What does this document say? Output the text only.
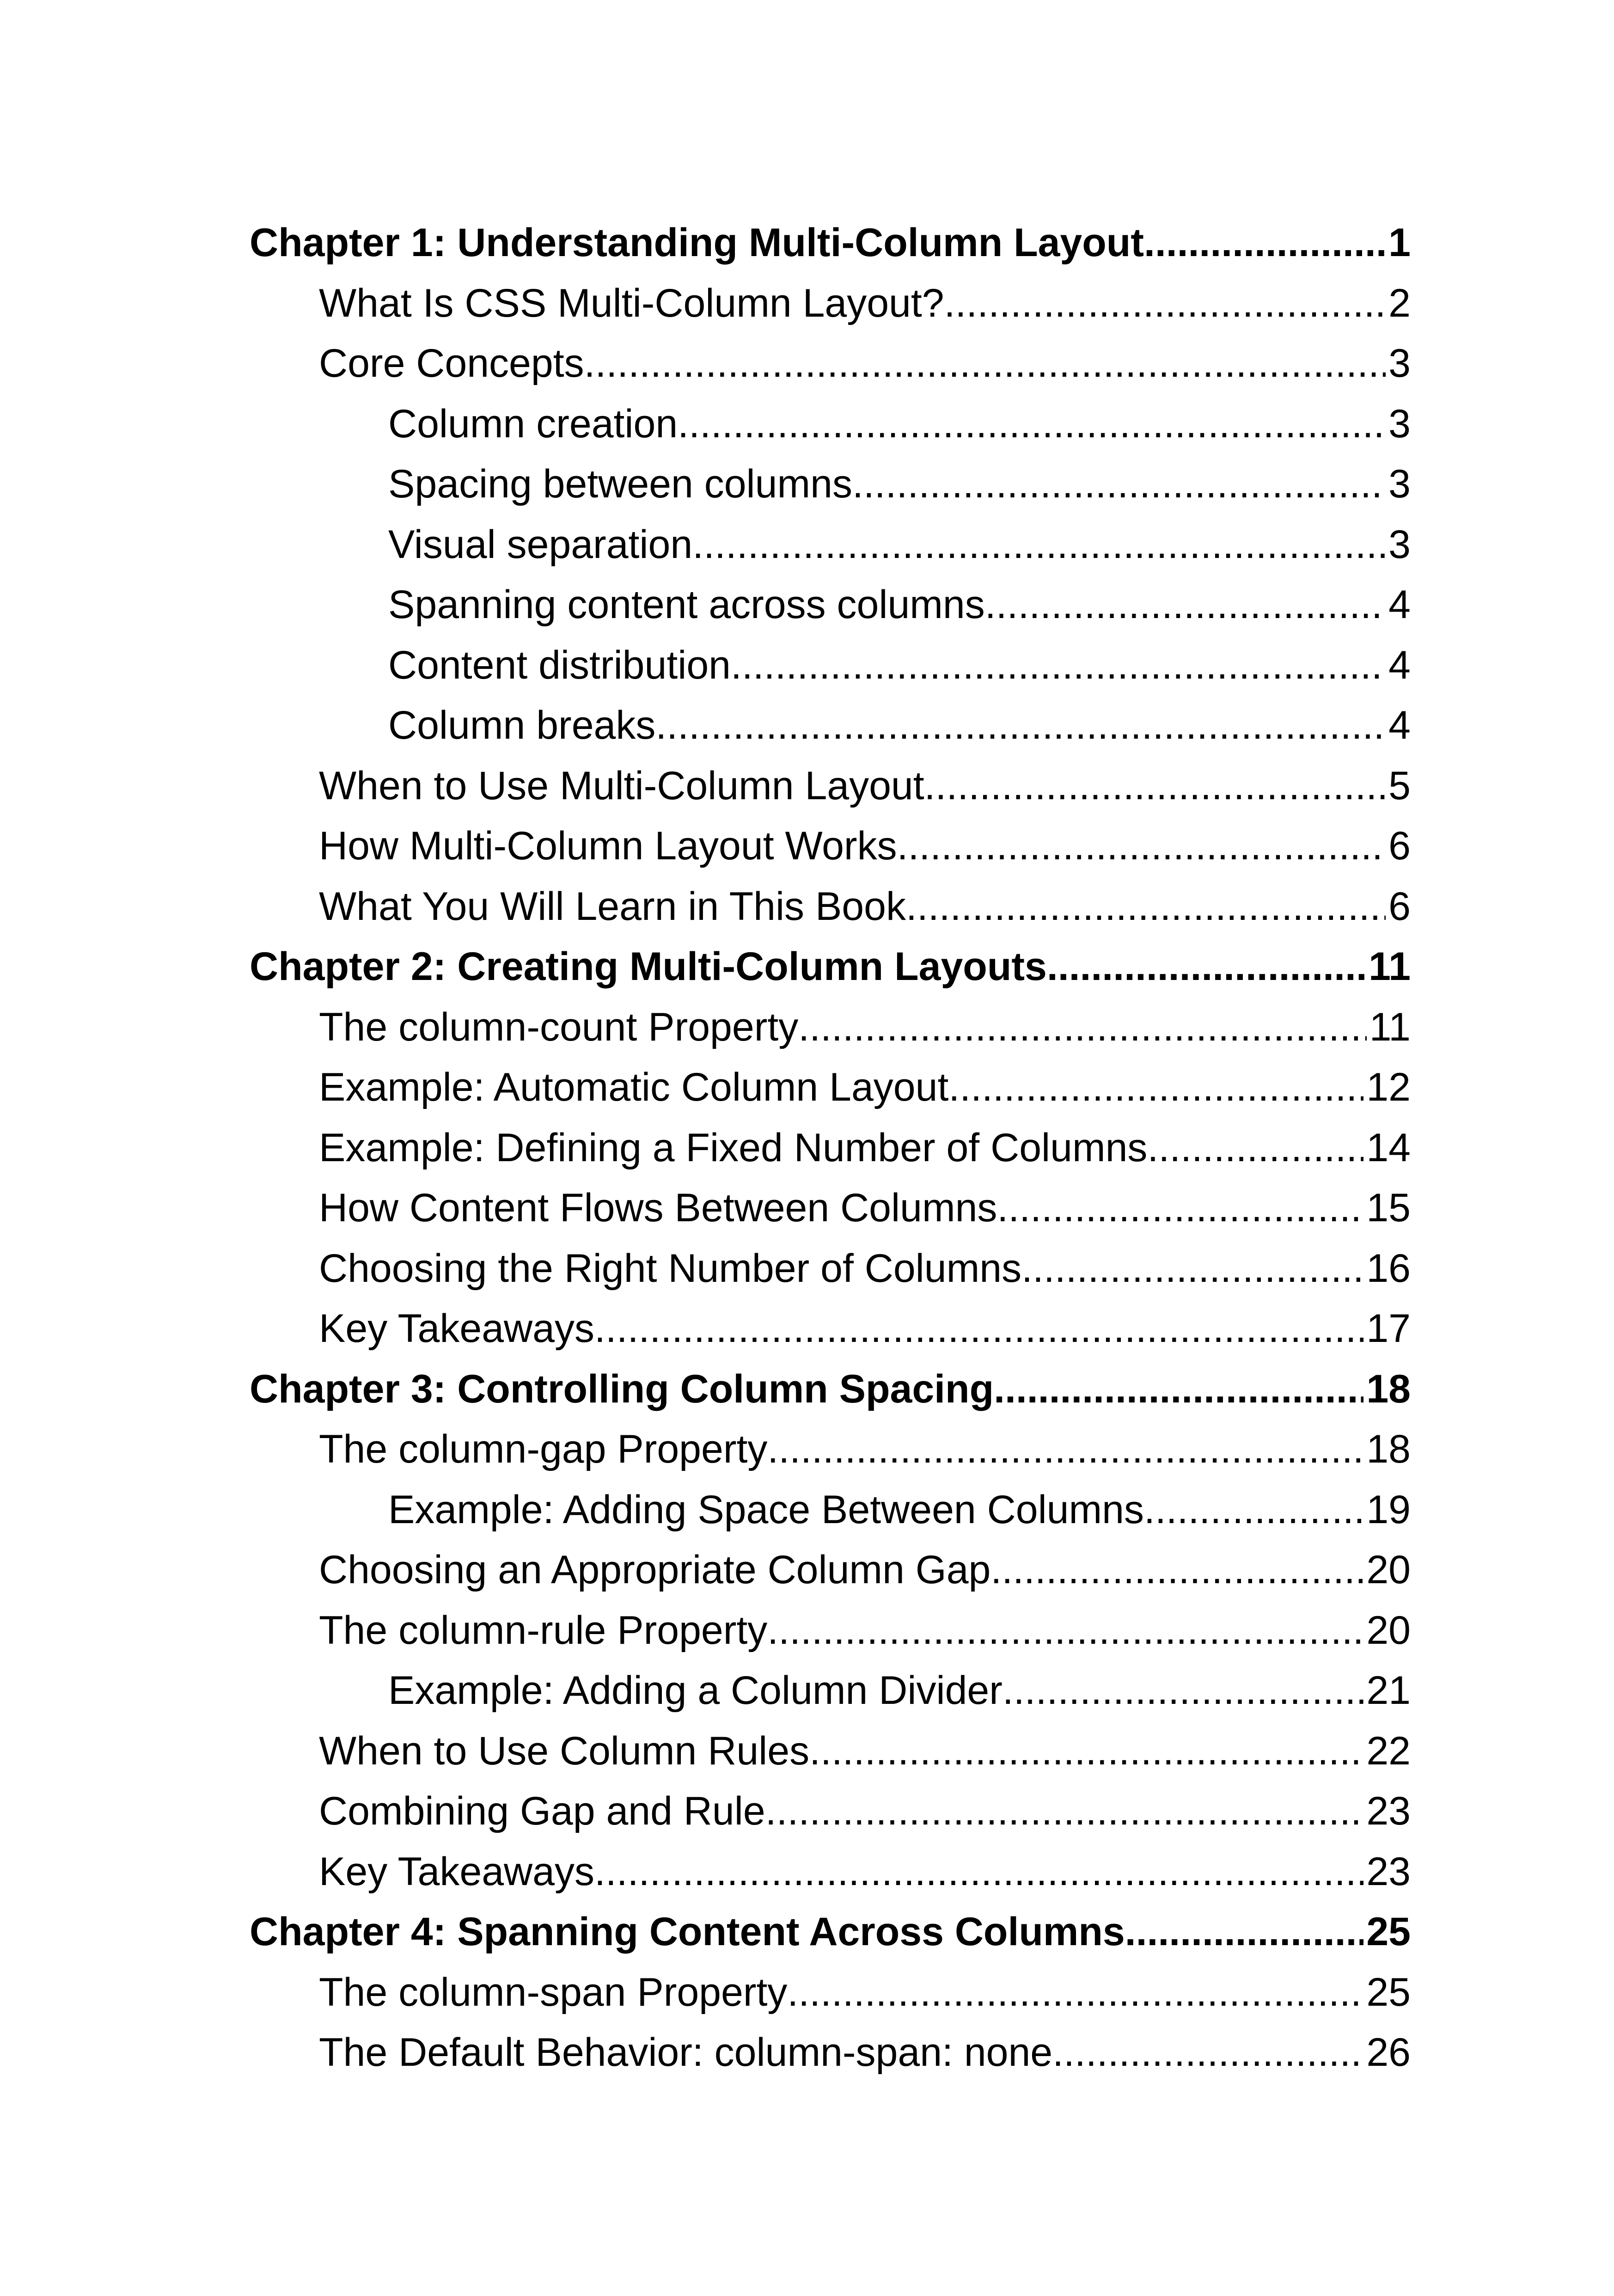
Chapter 1: Understanding Multi-Column Layout .....	1
What Is CSS Multi-Column Layout? .....	2
Core Concepts .....	3
Column creation .....	3
Spacing between columns .....	3
Visual separation .....	3
Spanning content across columns .....	4
Content distribution .....	4
Column breaks .....	4
When to Use Multi-Column Layout .....	5
How Multi-Column Layout Works .....	6
What You Will Learn in This Book .....	6
Chapter 2: Creating Multi-Column Layouts .....	11
The column-count Property .....	11
Example: Automatic Column Layout .....	12
Example: Defining a Fixed Number of Columns .....	14
How Content Flows Between Columns .....	15
Choosing the Right Number of Columns .....	16
Key Takeaways .....	17
Chapter 3: Controlling Column Spacing .....	18
The column-gap Property .....	18
Example: Adding Space Between Columns .....	19
Choosing an Appropriate Column Gap .....	20
The column-rule Property .....	20
Example: Adding a Column Divider .....	21
When to Use Column Rules .....	22
Combining Gap and Rule .....	23
Key Takeaways .....	23
Chapter 4: Spanning Content Across Columns .....	25
The column-span Property .....	25
The Default Behavior: column-span: none .....	26
